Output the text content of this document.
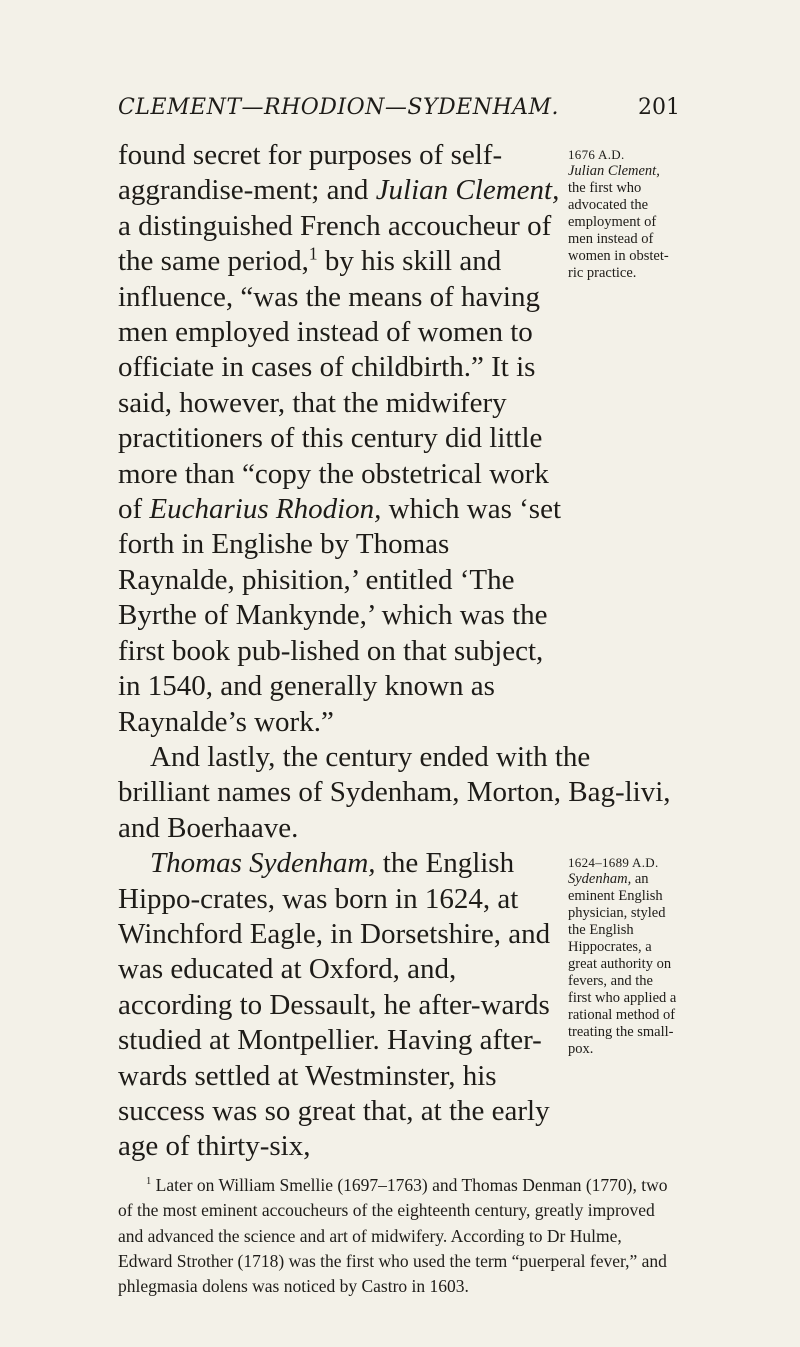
CLEMENT—RHODION—SYDENHAM.	201

found secret for purposes of self-aggrandise-ment; and Julian Clement, a distinguished French accoucheur of the same period,$^1$ by his skill and influence, “was the means of having men employed instead of women to officiate in cases of childbirth.” It is said, however, that the midwifery practitioners of this century did little more than “copy the obstetrical work of Eucharius Rhodion, which was ‘set forth in Englishe by Thomas Raynalde, phisition,’ entitled ‘The Byrthe of Mankynde,’ which was the first book pub-lished on that subject, in 1540, and generally known as Raynalde’s work.”

1676 A.D.
Julian Clement, the first who advocated the employment of men instead of women in obstet-ric practice.

And lastly, the century ended with the brilliant names of Sydenham, Morton, Bag-livi, and Boerhaave.

Thomas Sydenham, the English Hippo-crates, was born in 1624, at Winchford Eagle, in Dorsetshire, and was educated at Oxford, and, according to Dessault, he after-wards studied at Montpellier. Having after-wards settled at Westminster, his success was so great that, at the early age of thirty-six,

1624–1689 A.D.
Sydenham, an eminent English physician, styled the English Hippocrates, a great authority on fevers, and the first who applied a rational method of treating the small-pox.

$^1$ Later on William Smellie (1697–1763) and Thomas Denman (1770), two of the most eminent accoucheurs of the eighteenth century, greatly improved and advanced the science and art of midwifery. According to Dr Hulme, Edward Strother (1718) was the first who used the term “puerperal fever,” and phlegmasia dolens was noticed by Castro in 1603.
